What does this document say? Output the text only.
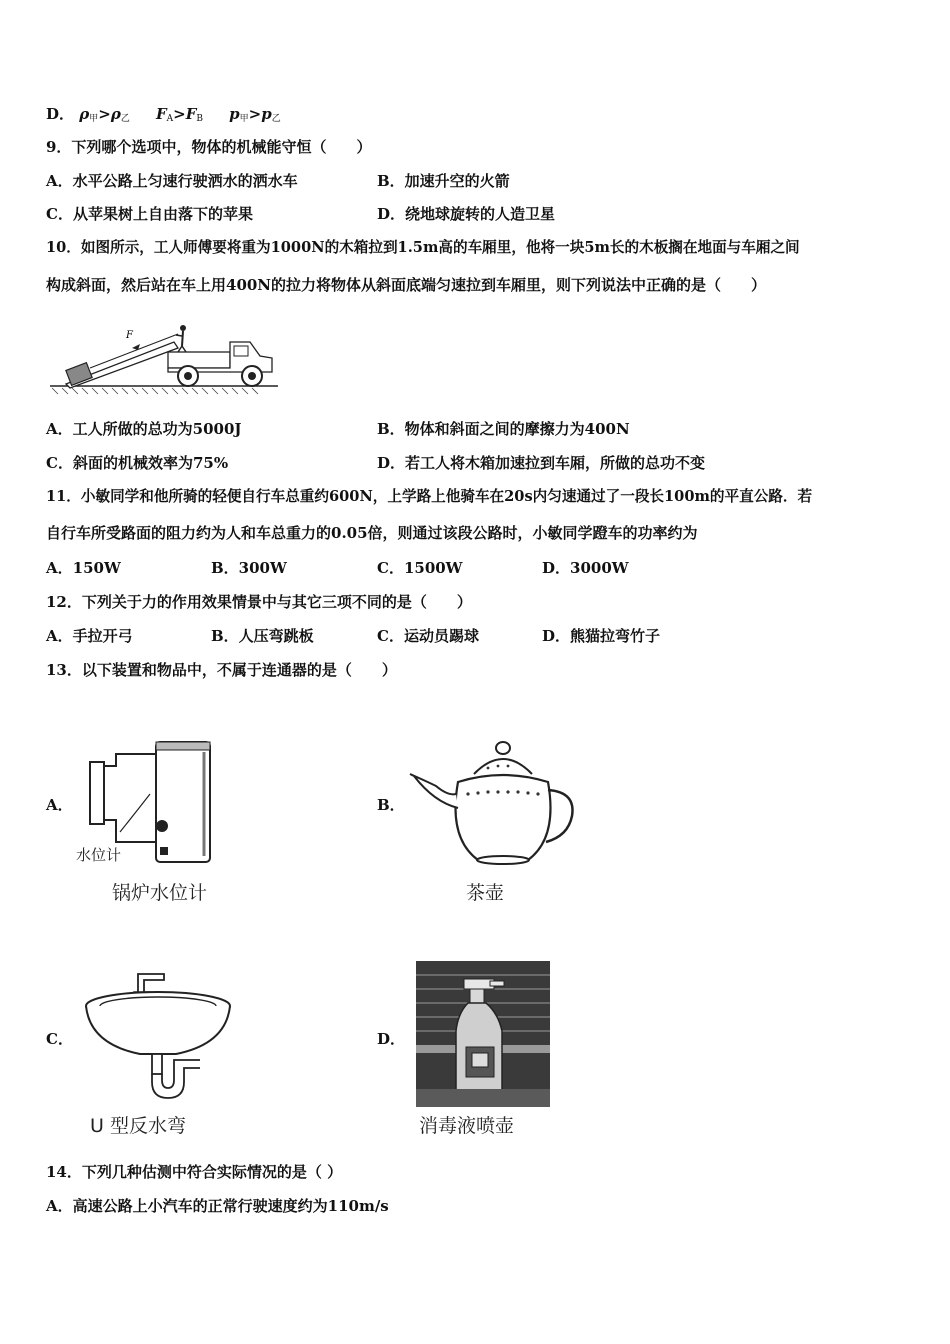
D． $\rho_甲>\rho_乙$ $F_A>F_B$ $p_甲>p_乙$
9．下列哪个选项中，物体的机械能守恒（　　）
A．水平公路上匀速行驶洒水的洒水车	B．加速升空的火箭
C．从苹果树上自由落下的苹果	D．绕地球旋转的人造卫星
10．如图所示，工人师傅要将重为1000N的木箱拉到1.5m高的车厢里，他将一块5m长的木板搁在地面与车厢之间
构成斜面，然后站在车上用400N的拉力将物体从斜面底端匀速拉到车厢里，则下列说法中正确的是（　　）
F
A．工人所做的总功为5000J	B．物体和斜面之间的摩擦力为400N
C．斜面的机械效率为75%	D．若工人将木箱加速拉到车厢，所做的总功不变
11．小敏同学和他所骑的轻便自行车总重约600N，上学路上他骑车在20s内匀速通过了一段长100m的平直公路．若
自行车所受路面的阻力约为人和车总重力的0.05倍，则通过该段公路时，小敏同学蹬车的功率约为
A．150W	B．300W	C．1500W	D．3000W
12．下列关于力的作用效果情景中与其它三项不同的是（　　）
A．手拉开弓	B．人压弯跳板	C．运动员踢球	D．熊猫拉弯竹子
13．以下装置和物品中，不属于连通器的是（　　）
A．
水位计
锅炉水位计
B．
茶壶
C．
U 型反水弯
D．
消毒液喷壶
14．下列几种估测中符合实际情况的是（ ）
A．高速公路上小汽车的正常行驶速度约为110m/s
